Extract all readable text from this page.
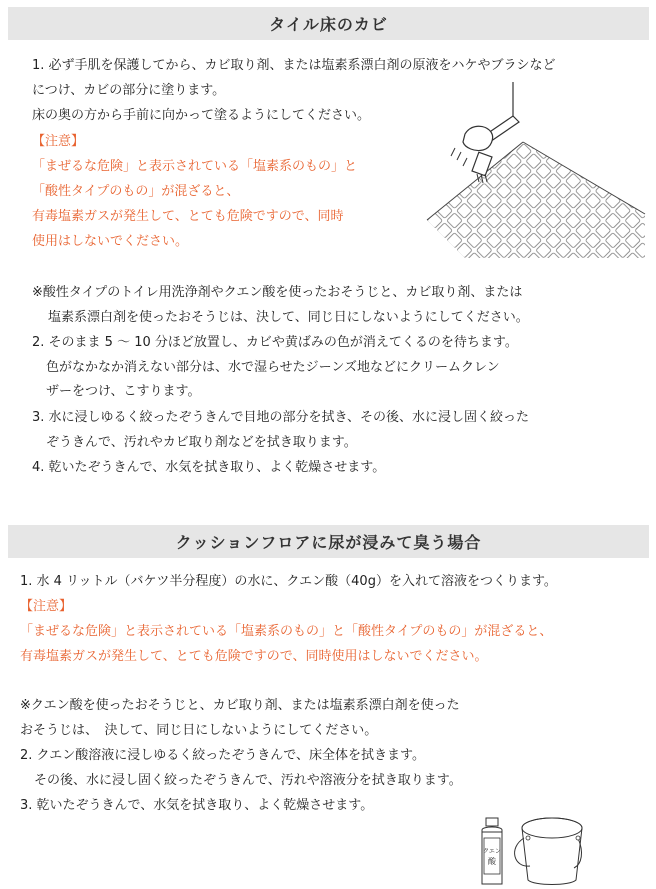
タイル床のカビ
1. 必ず手肌を保護してから、カビ取り剤、または塩素系漂白剤の原液をハケやブラシなど
につけ、カビの部分に塗ります。
床の奥の方から手前に向かって塗るようにしてください。
【注意】
「まぜるな危険」と表示されている「塩素系のもの」と
「酸性タイプのもの」が混ざると、
有毒塩素ガスが発生して、とても危険ですので、同時
使用はしないでください。
※酸性タイプのトイレ用洗浄剤やクエン酸を使ったおそうじと、カビ取り剤、または
塩素系漂白剤を使ったおそうじは、決して、同じ日にしないようにしてください。
2. そのまま 5 ～ 10 分ほど放置し、カビや黄ばみの色が消えてくるのを待ちます。
色がなかなか消えない部分は、水で湿らせたジーンズ地などにクリームクレン
ザーをつけ、こすります。
3. 水に浸しゆるく絞ったぞうきんで目地の部分を拭き、その後、水に浸し固く絞った
ぞうきんで、汚れやカビ取り剤などを拭き取ります。
4. 乾いたぞうきんで、水気を拭き取り、よく乾燥させます。
クッションフロアに尿が浸みて臭う場合
1. 水 4 リットル（バケツ半分程度）の水に、クエン酸（40g）を入れて溶液をつくります。
【注意】
「まぜるな危険」と表示されている「塩素系のもの」と「酸性タイプのもの」が混ざると、
有毒塩素ガスが発生して、とても危険ですので、同時使用はしないでください。
※クエン酸を使ったおそうじと、カビ取り剤、または塩素系漂白剤を使った
おそうじは、　決して、同じ日にしないようにしてください。
2. クエン酸溶液に浸しゆるく絞ったぞうきんで、床全体を拭きます。
その後、水に浸し固く絞ったぞうきんで、汚れや溶液分を拭き取ります。
3. 乾いたぞうきんで、水気を拭き取り、よく乾燥させます。
クエン
酸
